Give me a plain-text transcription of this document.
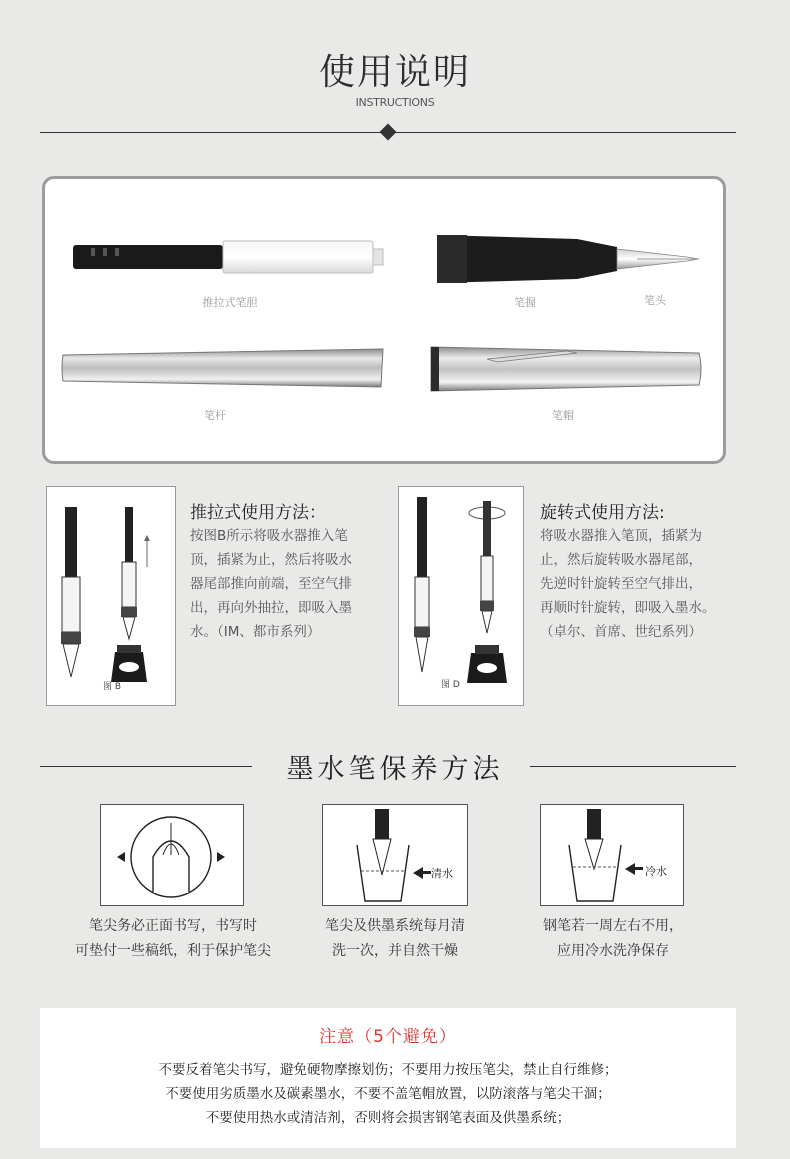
使用说明
INSTRUCTIONS
推拉式笔胆	笔握	笔头
笔杆	笔帽
图 B
推拉式使用方法：
按图B所示将吸水器推入笔
顶，插紧为止，然后将吸水
器尾部推向前端，至空气排
出，再向外抽拉，即吸入墨
水。（IM、都市系列）
图 D
旋转式使用方法:
将吸水器推入笔顶，插紧为
止，然后旋转吸水器尾部，
先逆时针旋转至空气排出，
再顺时针旋转，即吸入墨水。
（卓尔、首席、世纪系列）
墨水笔保养方法
笔尖务必正面书写，书写时
可垫付一些稿纸，利于保护笔尖
清水
笔尖及供墨系统每月清
洗一次，并自然干燥
冷水
钢笔若一周左右不用，
应用冷水洗净保存
注意（5个避免）
不要反着笔尖书写，避免硬物摩擦划伤；不要用力按压笔尖，禁止自行维修；
不要使用劣质墨水及碳素墨水，不要不盖笔帽放置，以防滚落与笔尖干涸；
不要使用热水或清洁剂，否则将会损害钢笔表面及供墨系统；
